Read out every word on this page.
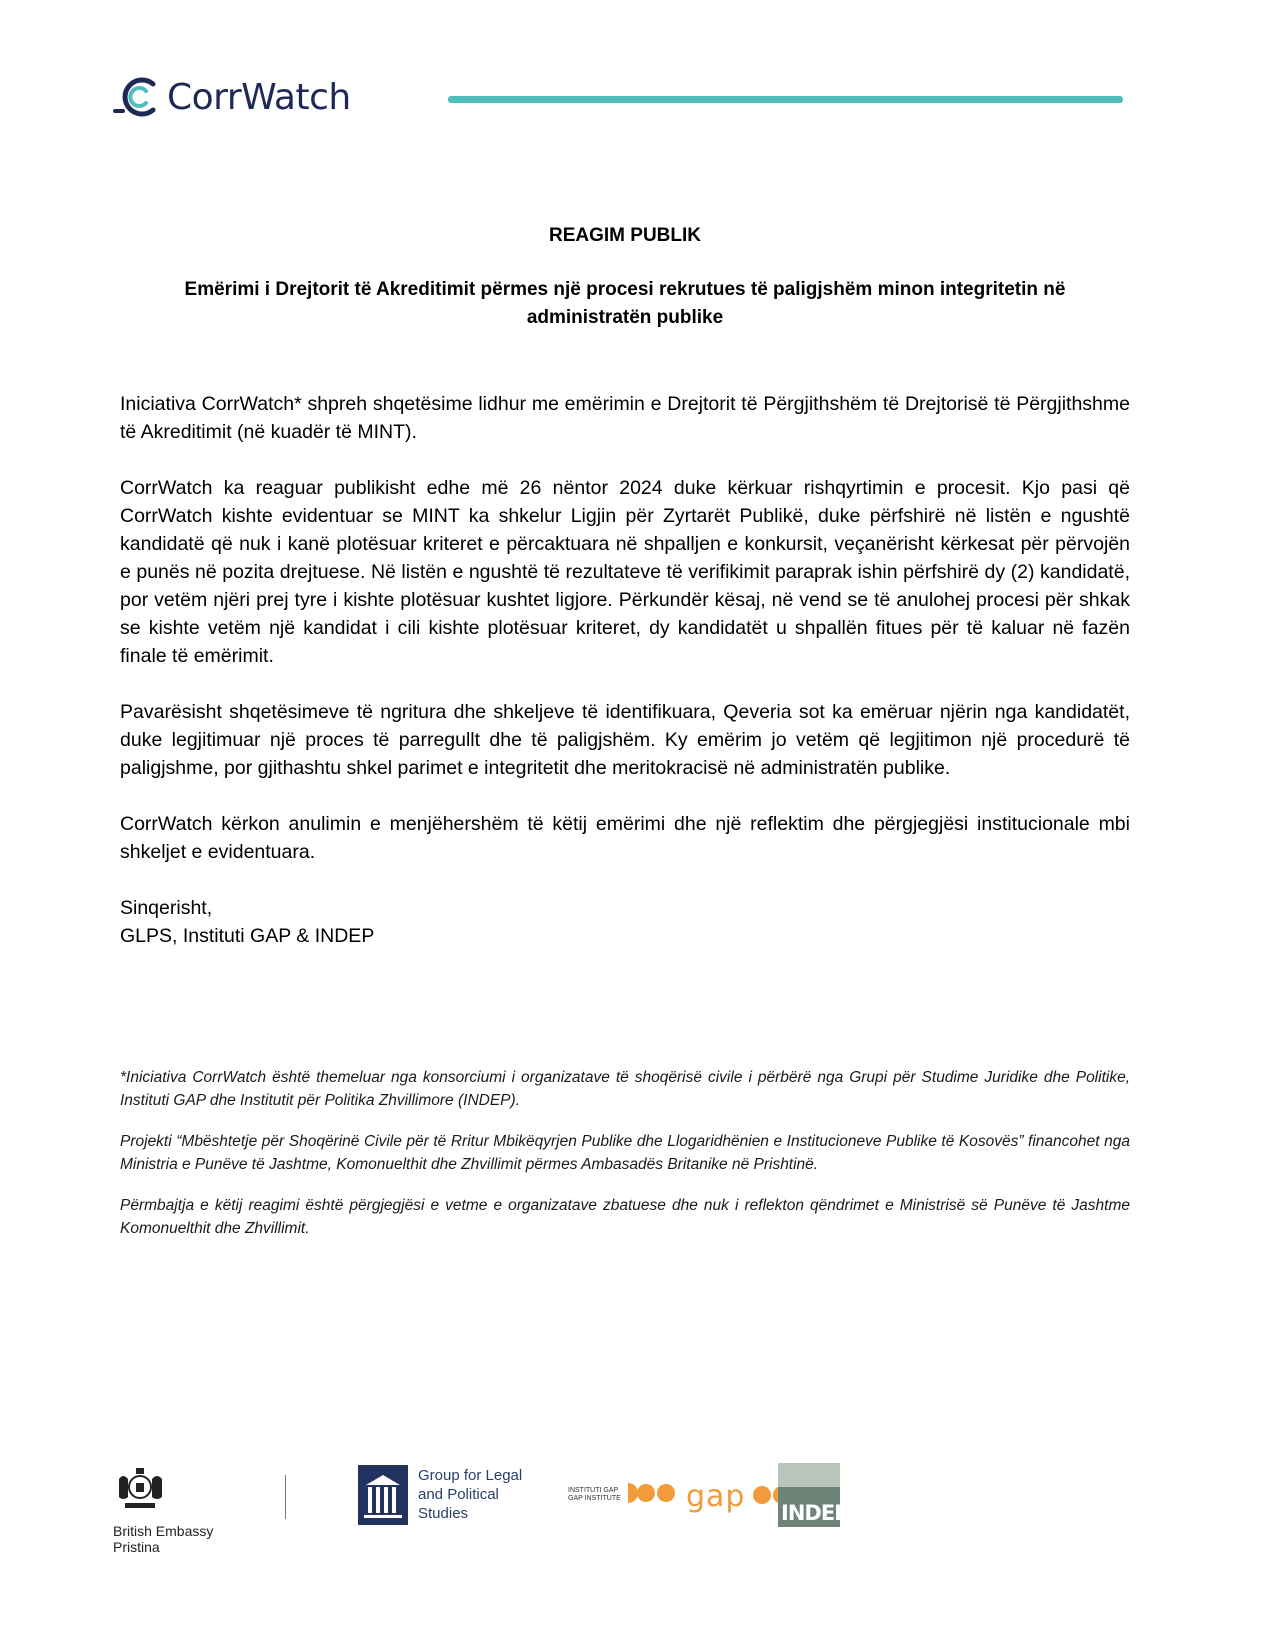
CorrWatch
REAGIM PUBLIK
Emërimi i Drejtorit të Akreditimit përmes një procesi rekrutues të paligjshëm minon integritetin në
administratën publike

Iniciativa CorrWatch* shpreh shqetësime lidhur me emërimin e Drejtorit të Përgjithshëm të Drejtorisë të Përgjithshme të Akreditimit (në kuadër të MINT).

CorrWatch ka reaguar publikisht edhe më 26 nëntor 2024 duke kërkuar rishqyrtimin e procesit. Kjo pasi që CorrWatch kishte evidentuar se MINT ka shkelur Ligjin për Zyrtarët Publikë, duke përfshirë në listën e ngushtë kandidatë që nuk i kanë plotësuar kriteret e përcaktuara në shpalljen e konkursit, veçanërisht kërkesat për përvojën e punës në pozita drejtuese. Në listën e ngushtë të rezultateve të verifikimit paraprak ishin përfshirë dy (2) kandidatë, por vetëm njëri prej tyre i kishte plotësuar kushtet ligjore. Përkundër kësaj, në vend se të anulohej procesi për shkak se kishte vetëm një kandidat i cili kishte plotësuar kriteret, dy kandidatët u shpallën fitues për të kaluar në fazën finale të emërimit.

Pavarësisht shqetësimeve të ngritura dhe shkeljeve të identifikuara, Qeveria sot ka emëruar njërin nga kandidatët, duke legjitimuar një proces të parregullt dhe të paligjshëm. Ky emërim jo vetëm që legjitimon një procedurë të paligjshme, por gjithashtu shkel parimet e integritetit dhe meritokracisë në administratën publike.

CorrWatch kërkon anulimin e menjëhershëm të këtij emërimi dhe një reflektim dhe përgjegjësi institucionale mbi shkeljet e evidentuara.

Sinqerisht,
GLPS, Instituti GAP & INDEP

*Iniciativa CorrWatch është themeluar nga konsorciumi i organizatave të shoqërisë civile i përbërë nga Grupi për Studime Juridike dhe Politike, Instituti GAP dhe Institutit për Politika Zhvillimore (INDEP).

Projekti “Mbështetje për Shoqërinë Civile për të Rritur Mbikëqyrjen Publike dhe Llogaridhënien e Institucioneve Publike të Kosovës” financohet nga Ministria e Punëve të Jashtme, Komonuelthit dhe Zhvillimit përmes Ambasadës Britanike në Prishtinë.

Përmbajtja e këtij reagimi është përgjegjësi e vetme e organizatave zbatuese dhe nuk i reflekton qëndrimet e Ministrisë së Punëve të Jashtme Komonuelthit dhe Zhvillimit.

British Embassy
Pristina
Group for Legal
and Political
Studies
INSTITUTI GAP
GAP INSTITUTE gap INDEP
